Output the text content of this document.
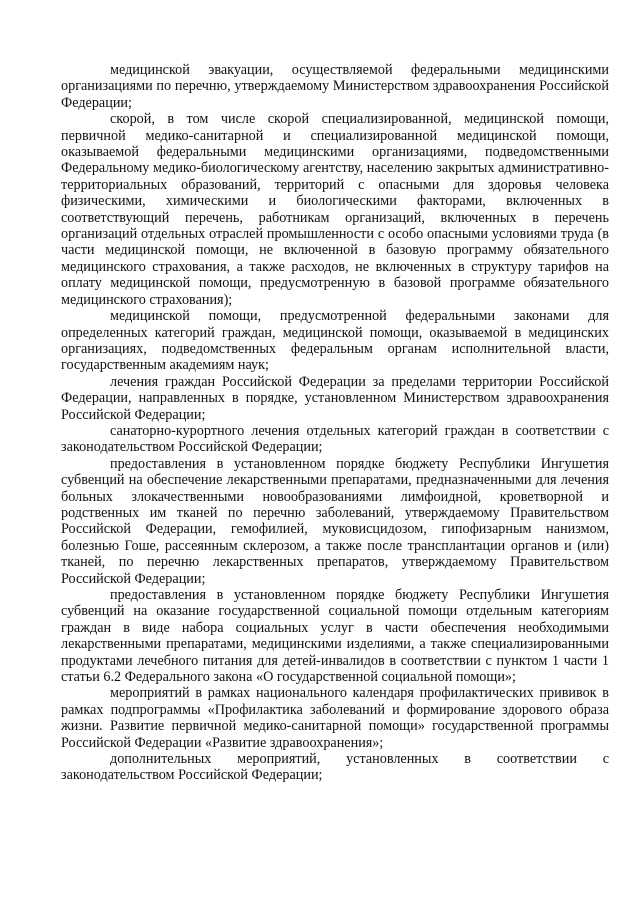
медицинской эвакуации, осуществляемой федеральными медицинскими организациями по перечню, утверждаемому Министерством здравоохранения Российской Федерации;

скорой, в том числе скорой специализированной, медицинской помощи, первичной медико-санитарной и специализированной медицинской помощи, оказываемой федеральными медицинскими организациями, подведомственными Федеральному медико-биологическому агентству, населению закрытых административно-территориальных образований, территорий с опасными для здоровья человека физическими, химическими и биологическими факторами, включенных в соответствующий перечень, работникам организаций, включенных в перечень организаций отдельных отраслей промышленности с особо опасными условиями труда (в части медицинской помощи, не включенной в базовую программу обязательного медицинского страхования, а также расходов, не включенных в структуру тарифов на оплату медицинской помощи, предусмотренную в базовой программе обязательного медицинского страхования);

медицинской помощи, предусмотренной федеральными законами для определенных категорий граждан, медицинской помощи, оказываемой в медицинских организациях, подведомственных федеральным органам исполнительной власти, государственным академиям наук;

лечения граждан Российской Федерации за пределами территории Российской Федерации, направленных в порядке, установленном Министерством здравоохранения Российской Федерации;

санаторно-курортного лечения отдельных категорий граждан в соответствии с законодательством Российской Федерации;

предоставления в установленном порядке бюджету Республики Ингушетия субвенций на обеспечение лекарственными препаратами, предназначенными для лечения больных злокачественными новообразованиями лимфоидной, кроветворной и родственных им тканей по перечню заболеваний, утверждаемому Правительством Российской Федерации, гемофилией, муковисцидозом, гипофизарным нанизмом, болезнью Гоше, рассеянным склерозом, а также после трансплантации органов и (или) тканей, по перечню лекарственных препаратов, утверждаемому Правительством Российской Федерации;

предоставления в установленном порядке бюджету Республики Ингушетия субвенций на оказание государственной социальной помощи отдельным категориям граждан в виде набора социальных услуг в части обеспечения необходимыми лекарственными препаратами, медицинскими изделиями, а также специализированными продуктами лечебного питания для детей-инвалидов в соответствии с пунктом 1 части 1 статьи 6.2 Федерального закона «О государственной социальной помощи»;

мероприятий в рамках национального календаря профилактических прививок в рамках подпрограммы «Профилактика заболеваний и формирование здорового образа жизни. Развитие первичной медико-санитарной помощи» государственной программы Российской Федерации «Развитие здравоохранения»;

дополнительных мероприятий, установленных в соответствии с законодательством Российской Федерации;
